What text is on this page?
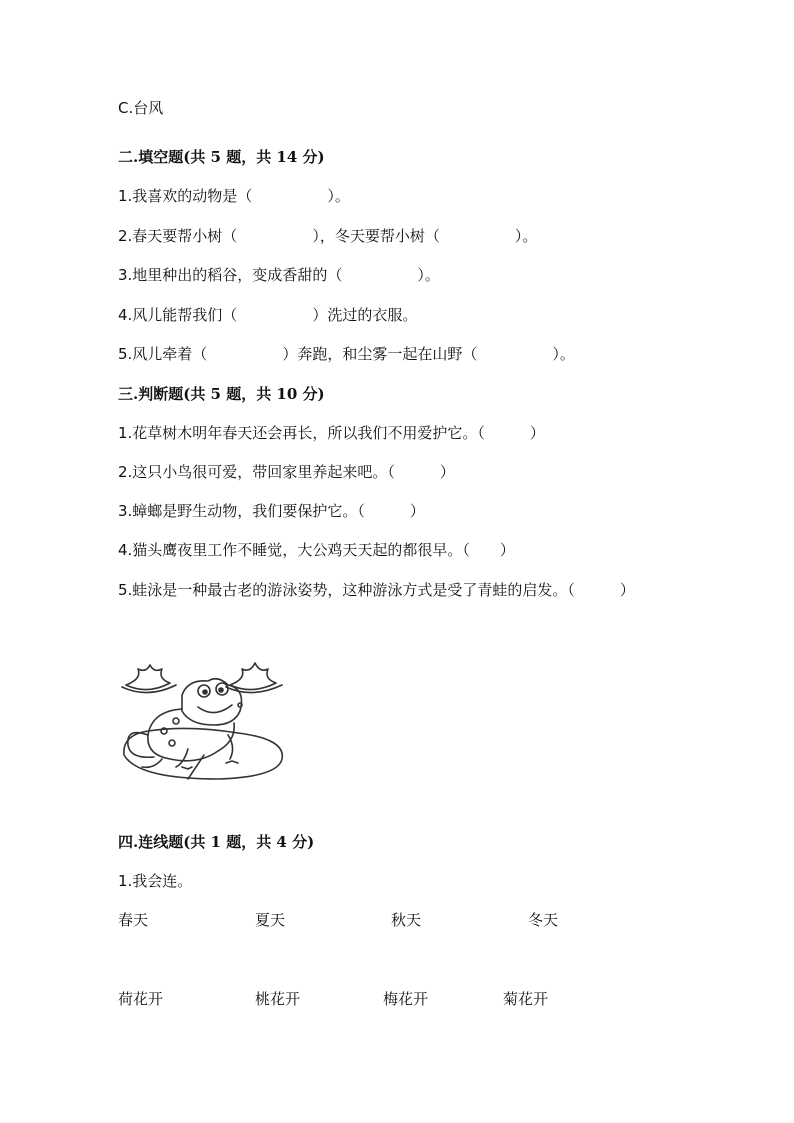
C.台风
二.填空题(共 5 题，共 14 分)
1.我喜欢的动物是（　　　　　）。
2.春天要帮小树（　　　　　），冬天要帮小树（　　　　　）。
3.地里种出的稻谷，变成香甜的（　　　　　）。
4.风儿能帮我们（　　　　　）洗过的衣服。
5.风儿牵着（　　　　　）奔跑，和尘雾一起在山野（　　　　　）。
三.判断题(共 5 题，共 10 分)
1.花草树木明年春天还会再长，所以我们不用爱护它。（　　　）
2.这只小鸟很可爱，带回家里养起来吧。（　　　）
3.蟑螂是野生动物，我们要保护它。（　　　）
4.猫头鹰夜里工作不睡觉，大公鸡天天起的都很早。（　　）
5.蛙泳是一种最古老的游泳姿势，这种游泳方式是受了青蛙的启发。（　　　）
四.连线题(共 1 题，共 4 分)
1.我会连。
春天	夏天	秋天	冬天
荷花开	桃花开	梅花开	菊花开
